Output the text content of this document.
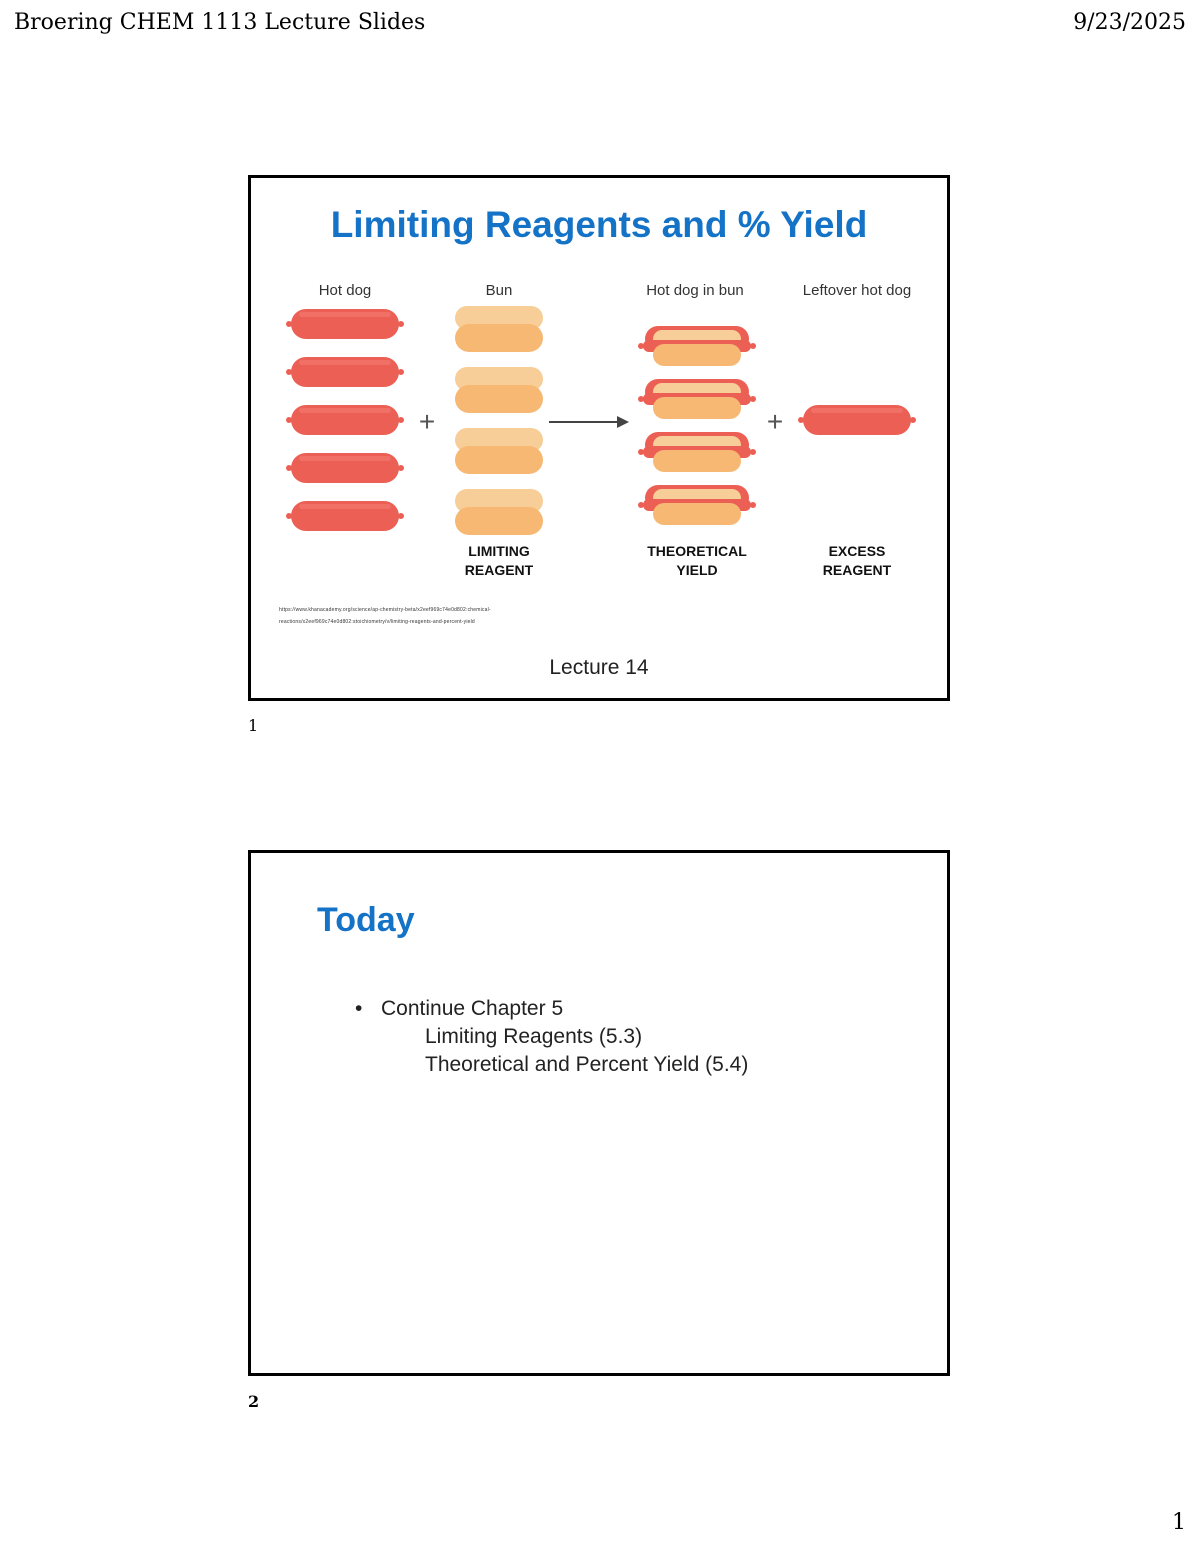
Broering CHEM 1113 Lecture Slides	9/23/2025
Limiting Reagents and % Yield
Hot dog	Bun	Hot dog in bun	Leftover hot dog
+	+
LIMITING
REAGENT
THEORETICAL
YIELD
EXCESS
REAGENT
https://www.khanacademy.org/science/ap-chemistry-beta/x2eef969c74e0d802:chemical-
reactions/x2eef969c74e0d802:stoichiometry/v/limiting-reagents-and-percent-yield
Lecture 14
1
Today
• Continue Chapter 5
Limiting Reagents (5.3)
Theoretical and Percent Yield (5.4)
2
1
